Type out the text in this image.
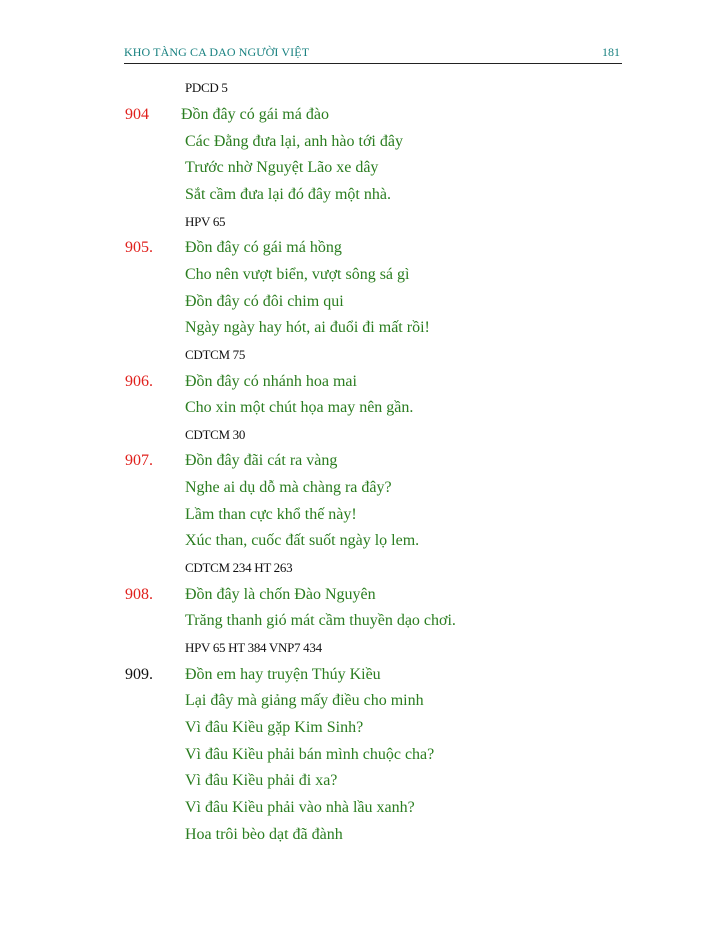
KHO TÀNG CA DAO NGƯỜI VIỆT	181
PDCD 5
904 Đồn đây có gái má đào
Các Đằng đưa lại, anh hào tới đây
Trước nhờ Nguyệt Lão xe dây
Sắt cầm đưa lại đó đây một nhà.
HPV 65
905. Đồn đây có gái má hồng
Cho nên vượt biển, vượt sông sá gì
Đồn đây có đôi chim qui
Ngày ngày hay hót, ai đuổi đi mất rồi!
CDTCM 75
906. Đồn đây có nhánh hoa mai
Cho xin một chút họa may nên gần.
CDTCM 30
907. Đồn đây đãi cát ra vàng
Nghe ai dụ dỗ mà chàng ra đây?
Lầm than cực khổ thế này!
Xúc than, cuốc đất suốt ngày lọ lem.
CDTCM 234 HT 263
908. Đồn đây là chốn Đào Nguyên
Trăng thanh gió mát cầm thuyền dạo chơi.
HPV 65 HT 384 VNP7 434
909. Đồn em hay truyện Thúy Kiều
Lại đây mà giảng mấy điều cho minh
Vì đâu Kiều gặp Kim Sinh?
Vì đâu Kiều phải bán mình chuộc cha?
Vì đâu Kiều phải đi xa?
Vì đâu Kiều phải vào nhà lầu xanh?
Hoa trôi bèo dạt đã đành
